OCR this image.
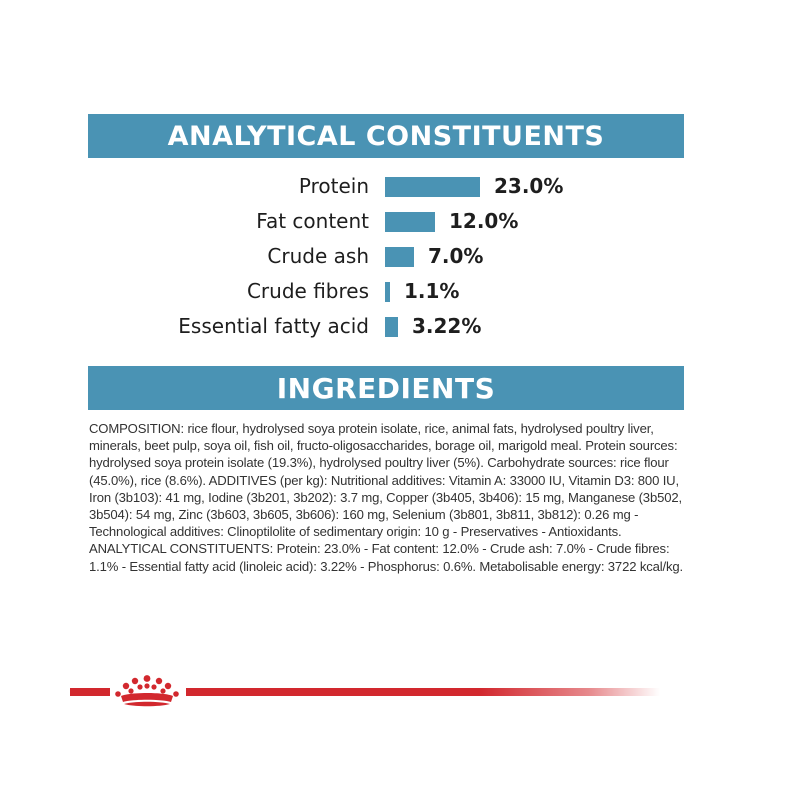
ANALYTICAL CONSTITUENTS
Protein	23.0%
Fat content	12.0%
Crude ash	7.0%
Crude fibres 1.1%
Essential fatty acid 3.22%
INGREDIENTS
COMPOSITION: rice flour, hydrolysed soya protein isolate, rice, animal fats, hydrolysed poultry liver, minerals, beet pulp, soya oil, fish oil, fructo-oligosaccharides, borage oil, marigold meal. Protein sources: hydrolysed soya protein isolate (19.3%), hydrolysed poultry liver (5%). Carbohydrate sources: rice flour (45.0%), rice (8.6%). ADDITIVES (per kg): Nutritional additives: Vitamin A: 33000 IU, Vitamin D3: 800 IU, Iron (3b103): 41 mg, Iodine (3b201, 3b202): 3.7 mg, Copper (3b405, 3b406): 15 mg, Manganese (3b502, 3b504): 54 mg, Zinc (3b603, 3b605, 3b606): 160 mg, Selenium (3b801, 3b811, 3b812): 0.26 mg - Technological additives: Clinoptilolite of sedimentary origin: 10 g - Preservatives - Antioxidants. ANALYTICAL CONSTITUENTS: Protein: 23.0% - Fat content: 12.0% - Crude ash: 7.0% - Crude fibres: 1.1% - Essential fatty acid (linoleic acid): 3.22% - Phosphorus: 0.6%. Metabolisable energy: 3722 kcal/kg.
